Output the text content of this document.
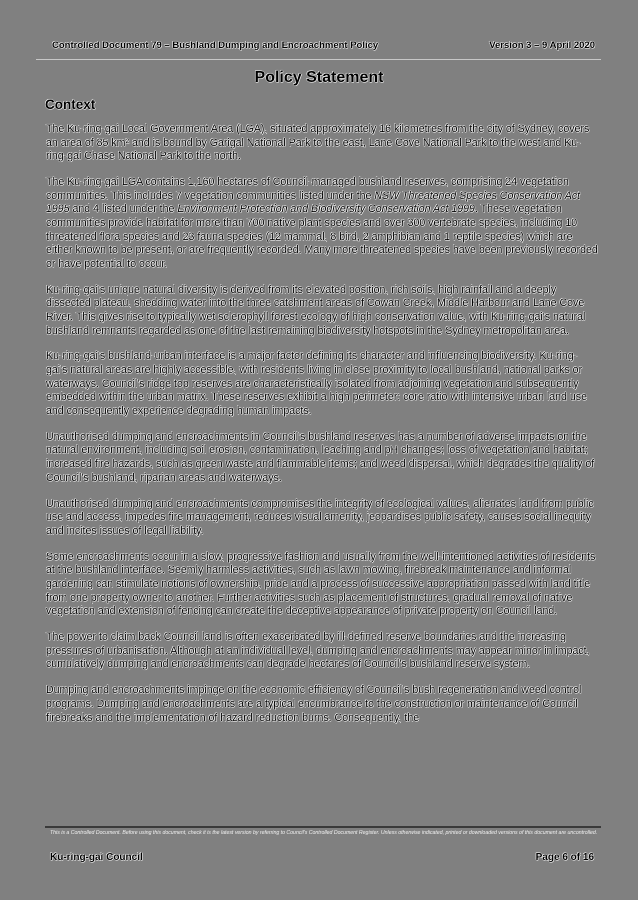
Controlled Document 79 – Bushland Dumping and Encroachment Policy	Version 3 – 9 April 2020
Policy Statement
Context

The Ku-ring-gai Local Government Area (LGA), situated approximately 16 kilometres from the city of Sydney, covers an area of 85 km² and is bound by Garigal National Park to the east, Lane Cove National Park to the west and Ku-ring-gai Chase National Park to the north.

The Ku-ring-gai LGA contains 1,160 hectares of Council-managed bushland reserves, comprising 24 vegetation communities. This includes 7 vegetation communities listed under the NSW Threatened Species Conservation Act 1995 and 4 listed under the Environment Protection and Biodiversity Conservation Act 1999. These vegetation communities provide habitat for more than 700 native plant species and over 300 vertebrate species, including 10 threatened flora species and 23 fauna species (12 mammal, 8 bird, 2 amphibian and 1 reptile species) which are either known to be present, or are frequently recorded. Many more threatened species have been previously recorded or have potential to occur.

Ku-ring-gai's unique natural diversity is derived from its elevated position, rich soils, high rainfall and a deeply dissected plateau, shedding water into the three catchment areas of Cowan Creek, Middle Harbour and Lane Cove River. This gives rise to typically wet sclerophyll forest ecology of high conservation value, with Ku-ring-gai's natural bushland remnants regarded as one of the last remaining biodiversity hotspots in the Sydney metropolitan area.

Ku-ring-gai's bushland-urban interface is a major factor defining its character and influencing biodiversity. Ku-ring-gai's natural areas are highly accessible, with residents living in close proximity to local bushland, national parks or waterways. Council's ridge top reserves are characteristically isolated from adjoining vegetation and subsequently embedded within the urban matrix. These reserves exhibit a high perimeter: core ratio with intensive urban land use and consequently experience degrading human impacts.

Unauthorised dumping and encroachments in Council's bushland reserves has a number of adverse impacts on the natural environment, including soil erosion, contamination, leaching and pH changes; loss of vegetation and habitat; increased fire hazards, such as green waste and flammable items; and weed dispersal, which degrades the quality of Council's bushland, riparian areas and waterways.

Unauthorised dumping and encroachments compromises the integrity of ecological values, alienates land from public use and access, impedes fire management, reduces visual amenity, jeopardises public safety, causes social inequity and incites issues of legal liability.

Some encroachments occur in a slow, progressive fashion and usually from the well-intentioned activities of residents at the bushland interface. Seemly harmless activities, such as lawn mowing, firebreak maintenance and informal gardening can stimulate notions of ownership, pride and a process of successive appropriation passed with land title from one property owner to another. Further activities such as placement of structures, gradual removal of native vegetation and extension of fencing can create the deceptive appearance of private property on Council land.

The power to claim back Council land is often exacerbated by ill-defined reserve boundaries and the increasing pressures of urbanisation. Although at an individual level, dumping and encroachments may appear minor in impact, cumulatively dumping and encroachments can degrade hectares of Council's bushland reserve system.

Dumping and encroachments impinge on the economic efficiency of Council's bush regeneration and weed control programs. Dumping and encroachments are a typical encumbrance to the construction or maintenance of Council firebreaks and the implementation of hazard reduction burns. Consequently, the

This is a Controlled Document. Before using this document, check it is the latest version by referring to Council's Controlled Document Register. Unless otherwise indicated, printed or downloaded versions of this document are uncontrolled.
Ku-ring-gai Council	Page 6 of 16
